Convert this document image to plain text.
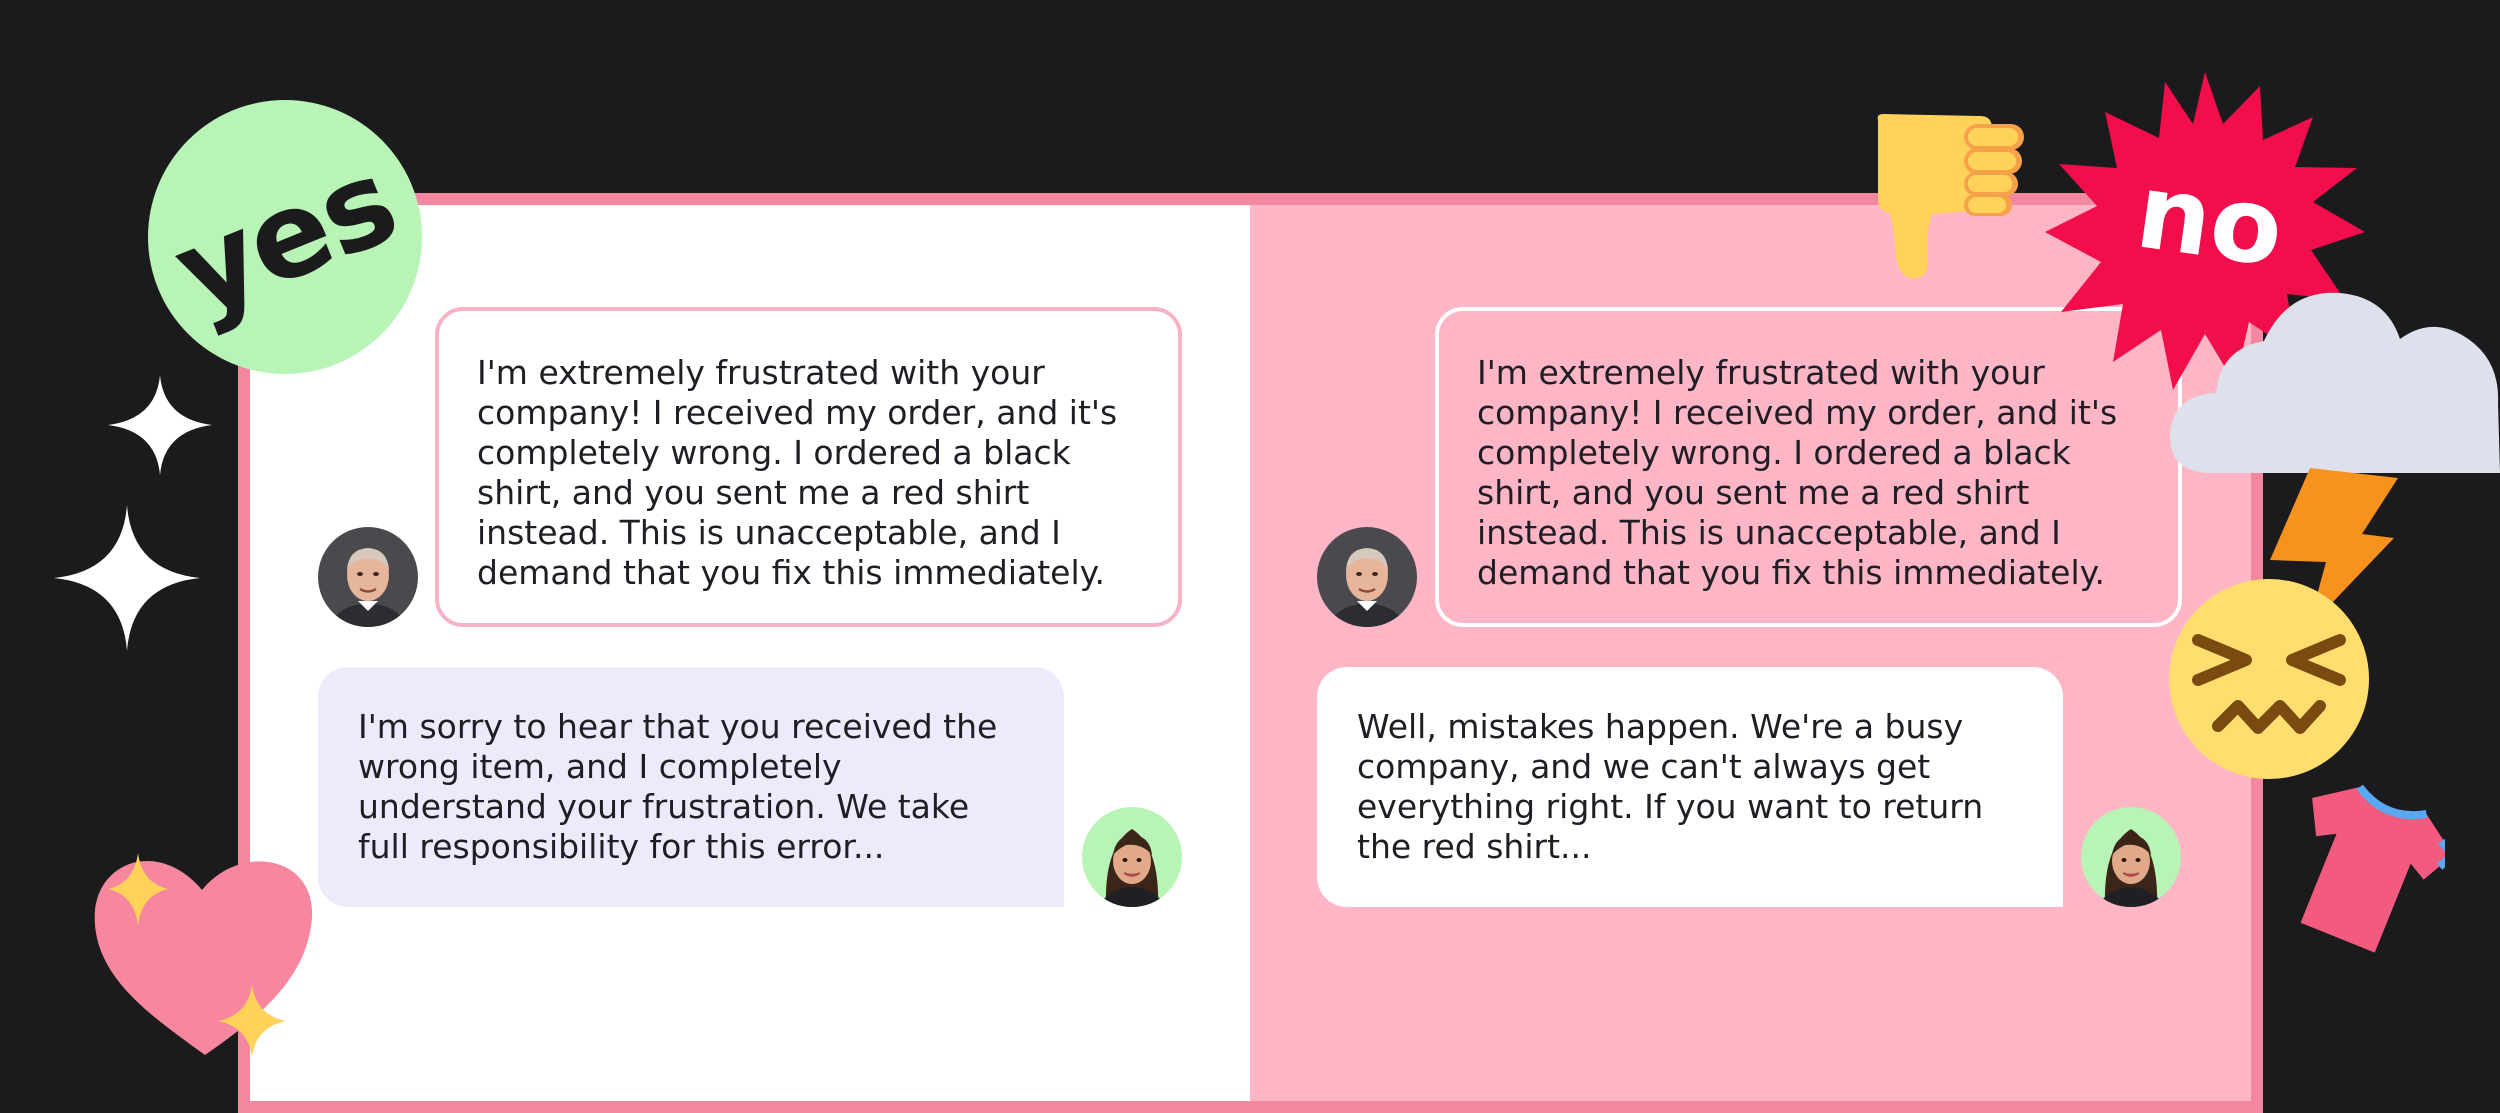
I'm extremely frustrated with your company! I received my order, and it's completely wrong. I ordered a black shirt, and you sent me a red shirt instead. This is unacceptable, and I demand that you fix this immediately.

I'm sorry to hear that you received the wrong item, and I completely understand your frustration. We take full responsibility for this error...

I'm extremely frustrated with your company! I received my order, and it's completely wrong. I ordered a black shirt, and you sent me a red shirt instead. This is unacceptable, and I demand that you fix this immediately.

Well, mistakes happen. We're a busy company, and we can't always get everything right. If you want to return the red shirt...

yes	no
